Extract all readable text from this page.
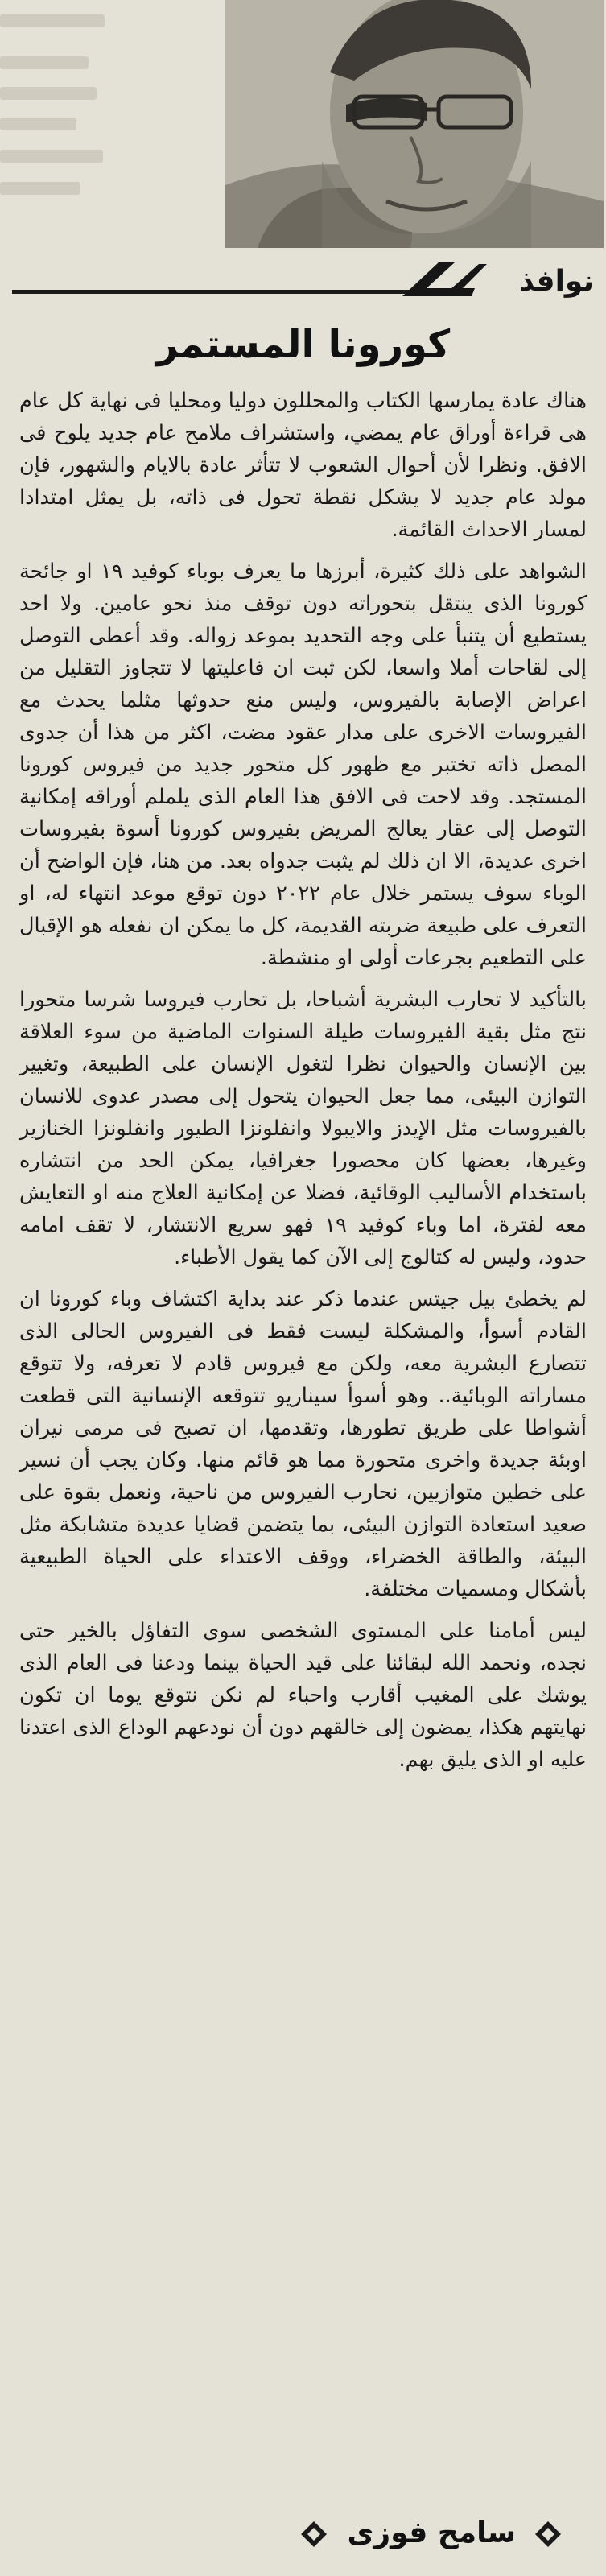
نوافذ
كورونا المستمر

هناك عادة يمارسها الكتاب والمحللون دوليا ومحليا فى نهاية كل عام هى قراءة أوراق عام يمضي، واستشراف ملامح عام جديد يلوح فى الافق. ونظرا لأن أحوال الشعوب لا تتأثر عادة بالايام والشهور، فإن مولد عام جديد لا يشكل نقطة تحول فى ذاته، بل يمثل امتدادا لمسار الاحداث القائمة.

الشواهد على ذلك كثيرة، أبرزها ما يعرف بوباء كوفيد ١٩ او جائحة كورونا الذى ينتقل بتحوراته دون توقف منذ نحو عامين. ولا احد يستطيع أن يتنبأ على وجه التحديد بموعد زواله. وقد أعطى التوصل إلى لقاحات أملا واسعا، لكن ثبت ان فاعليتها لا تتجاوز التقليل من اعراض الإصابة بالفيروس، وليس منع حدوثها مثلما يحدث مع الفيروسات الاخرى على مدار عقود مضت، اكثر من هذا أن جدوى المصل ذاته تختبر مع ظهور كل متحور جديد من فيروس كورونا المستجد. وقد لاحت فى الافق هذا العام الذى يلملم أوراقه إمكانية التوصل إلى عقار يعالج المريض بفيروس كورونا أسوة بفيروسات اخرى عديدة، الا ان ذلك لم يثبت جدواه بعد. من هنا، فإن الواضح أن الوباء سوف يستمر خلال عام ٢٠٢٢ دون توقع موعد انتهاء له، او التعرف على طبيعة ضربته القديمة، كل ما يمكن ان نفعله هو الإقبال على التطعيم بجرعات أولى او منشطة.

بالتأكيد لا تحارب البشرية أشباحا، بل تحارب فيروسا شرسا متحورا نتج مثل بقية الفيروسات طيلة السنوات الماضية من سوء العلاقة بين الإنسان والحيوان نظرا لتغول الإنسان على الطبيعة، وتغيير التوازن البيئى، مما جعل الحيوان يتحول إلى مصدر عدوى للانسان بالفيروسات مثل الإيدز والايبولا وانفلونزا الطيور وانفلونزا الخنازير وغيرها، بعضها كان محصورا جغرافيا، يمكن الحد من انتشاره باستخدام الأساليب الوقائية، فضلا عن إمكانية العلاج منه او التعايش معه لفترة، اما وباء كوفيد ١٩ فهو سريع الانتشار، لا تقف امامه حدود، وليس له كتالوج إلى الآن كما يقول الأطباء.

لم يخطئ بيل جيتس عندما ذكر عند بداية اكتشاف وباء كورونا ان القادم أسوأ، والمشكلة ليست فقط فى الفيروس الحالى الذى تتصارع البشرية معه، ولكن مع فيروس قادم لا تعرفه، ولا تتوقع مساراته الوبائية.. وهو أسوأ سيناريو تتوقعه الإنسانية التى قطعت أشواطا على طريق تطورها، وتقدمها، ان تصبح فى مرمى نيران اوبئة جديدة واخرى متحورة مما هو قائم منها. وكان يجب أن نسير على خطين متوازيين، نحارب الفيروس من ناحية، ونعمل بقوة على صعيد استعادة التوازن البيئى، بما يتضمن قضايا عديدة متشابكة مثل البيئة، والطاقة الخضراء، ووقف الاعتداء على الحياة الطبيعية بأشكال ومسميات مختلفة.

ليس أمامنا على المستوى الشخصى سوى التفاؤل بالخير حتى نجده، ونحمد الله لبقائنا على قيد الحياة بينما ودعنا فى العام الذى يوشك على المغيب أقارب واحباء لم نكن نتوقع يوما ان تكون نهايتهم هكذا، يمضون إلى خالقهم دون أن نودعهم الوداع الذى اعتدنا عليه او الذى يليق بهم.

سامح فوزى
